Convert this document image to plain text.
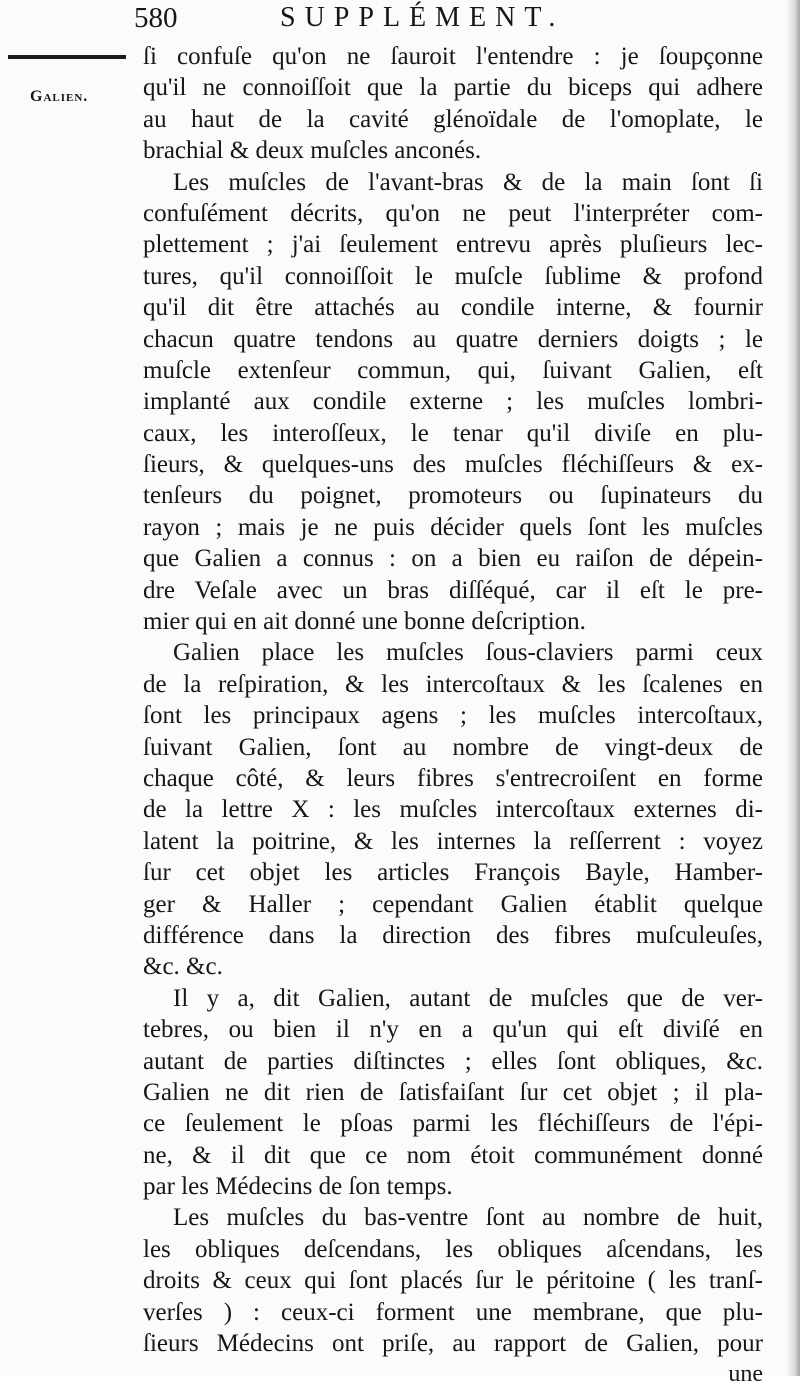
580	SUPPLÉMENT.
Galien.
ſi confuſe qu'on ne ſauroit l'entendre : je ſoupçonne
qu'il ne connoiſſoit que la partie du biceps qui adhere
au haut de la cavité glénoïdale de l'omoplate, le
brachial & deux muſcles anconés.
Les muſcles de l'avant-bras & de la main ſont ſi
confuſément décrits, qu'on ne peut l'interpréter com-
plettement ; j'ai ſeulement entrevu après pluſieurs lec-
tures, qu'il connoiſſoit le muſcle ſublime & profond
qu'il dit être attachés au condile interne, & fournir
chacun quatre tendons au quatre derniers doigts ; le
muſcle extenſeur commun, qui, ſuivant Galien, eſt
implanté aux condile externe ; les muſcles lombri-
caux, les interoſſeux, le tenar qu'il diviſe en plu-
ſieurs, & quelques-uns des muſcles fléchiſſeurs & ex-
tenſeurs du poignet, promoteurs ou ſupinateurs du
rayon ; mais je ne puis décider quels ſont les muſcles
que Galien a connus : on a bien eu raiſon de dépein-
dre Veſale avec un bras diſſéqué, car il eſt le pre-
mier qui en ait donné une bonne deſcription.
Galien place les muſcles ſous-claviers parmi ceux
de la reſpiration, & les intercoſtaux & les ſcalenes en
ſont les principaux agens ; les muſcles intercoſtaux,
ſuivant Galien, ſont au nombre de vingt-deux de
chaque côté, & leurs fibres s'entrecroiſent en forme
de la lettre X : les muſcles intercoſtaux externes di-
latent la poitrine, & les internes la reſſerrent : voyez
ſur cet objet les articles François Bayle, Hamber-
ger & Haller ; cependant Galien établit quelque
différence dans la direction des fibres muſculeuſes,
&c. &c.
Il y a, dit Galien, autant de muſcles que de ver-
tebres, ou bien il n'y en a qu'un qui eſt diviſé en
autant de parties diſtinctes ; elles ſont obliques, &c.
Galien ne dit rien de ſatisfaiſant ſur cet objet ; il pla-
ce ſeulement le pſoas parmi les fléchiſſeurs de l'épi-
ne, & il dit que ce nom étoit communément donné
par les Médecins de ſon temps.
Les muſcles du bas-ventre ſont au nombre de huit,
les obliques deſcendans, les obliques aſcendans, les
droits & ceux qui ſont placés ſur le péritoine ( les tranſ-
verſes ) : ceux-ci forment une membrane, que plu-
ſieurs Médecins ont priſe, au rapport de Galien, pour
une
